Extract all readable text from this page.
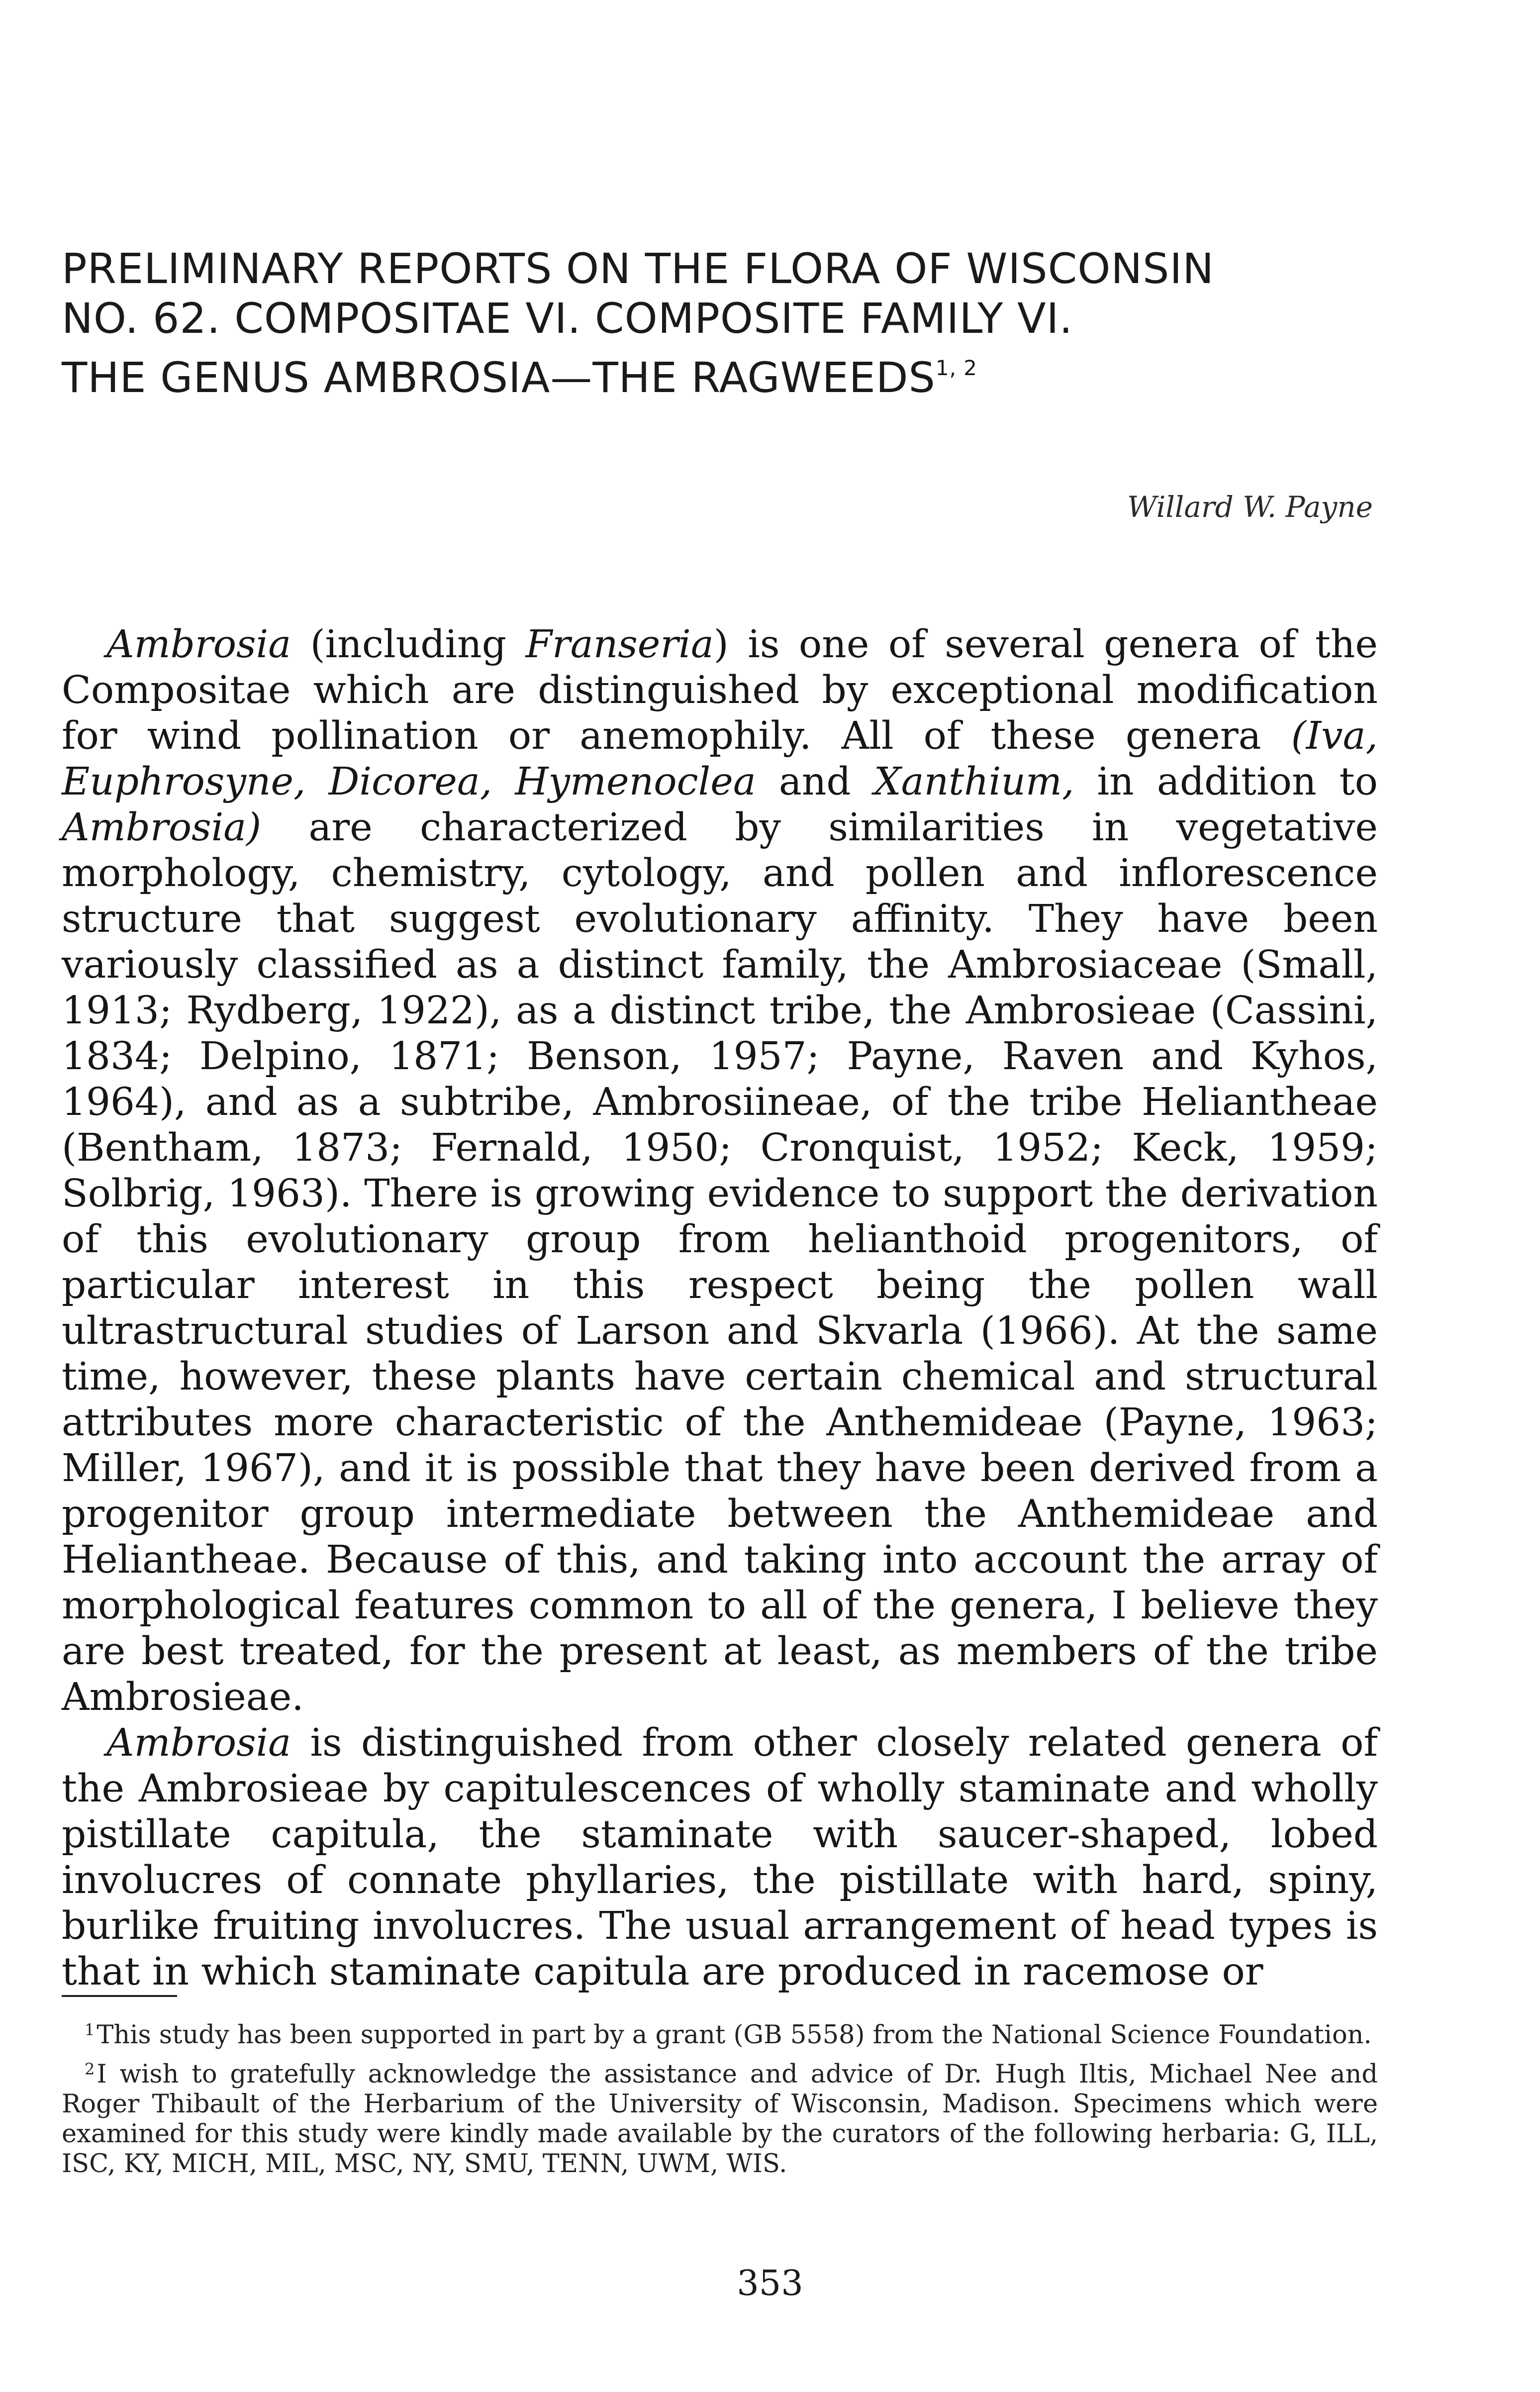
PRELIMINARY REPORTS ON THE FLORA OF WISCONSIN
NO. 62. COMPOSITAE VI. COMPOSITE FAMILY VI.
THE GENUS AMBROSIA—THE RAGWEEDS$^{1, 2}$
Willard W. Payne

Ambrosia (including Franseria) is one of several genera of the Compositae which are distinguished by exceptional modification for wind pollination or anemophily. All of these genera (Iva, Euphrosyne, Dicorea, Hymenoclea and Xanthium, in addition to Ambrosia) are characterized by similarities in vegetative morphology, chemistry, cytology, and pollen and inflorescence structure that suggest evolutionary affinity. They have been variously classified as a distinct family, the Ambrosiaceae (Small, 1913; Rydberg, 1922), as a distinct tribe, the Ambrosieae (Cassini, 1834; Delpino, 1871; Benson, 1957; Payne, Raven and Kyhos, 1964), and as a subtribe, Ambrosiineae, of the tribe Heliantheae (Bentham, 1873; Fernald, 1950; Cronquist, 1952; Keck, 1959; Solbrig, 1963). There is growing evidence to support the derivation of this evolutionary group from helianthoid progenitors, of particular interest in this respect being the pollen wall ultrastructural studies of Larson and Skvarla (1966). At the same time, however, these plants have certain chemical and structural attributes more characteristic of the Anthemideae (Payne, 1963; Miller, 1967), and it is possible that they have been derived from a progenitor group intermediate between the Anthemideae and Heliantheae. Because of this, and taking into account the array of morphological features common to all of the genera, I believe they are best treated, for the present at least, as members of the tribe Ambrosieae.

Ambrosia is distinguished from other closely related genera of the Ambrosieae by capitulescences of wholly staminate and wholly pistillate capitula, the staminate with saucer-shaped, lobed involucres of connate phyllaries, the pistillate with hard, spiny, burlike fruiting involucres. The usual arrangement of head types is that in which staminate capitula are produced in racemose or

$^1$This study has been supported in part by a grant (GB 5558) from the National Science Foundation.

$^2$I wish to gratefully acknowledge the assistance and advice of Dr. Hugh Iltis, Michael Nee and Roger Thibault of the Herbarium of the University of Wisconsin, Madison. Specimens which were examined for this study were kindly made available by the curators of the following herbaria: G, ILL, ISC, KY, MICH, MIL, MSC, NY, SMU, TENN, UWM, WIS.

353
